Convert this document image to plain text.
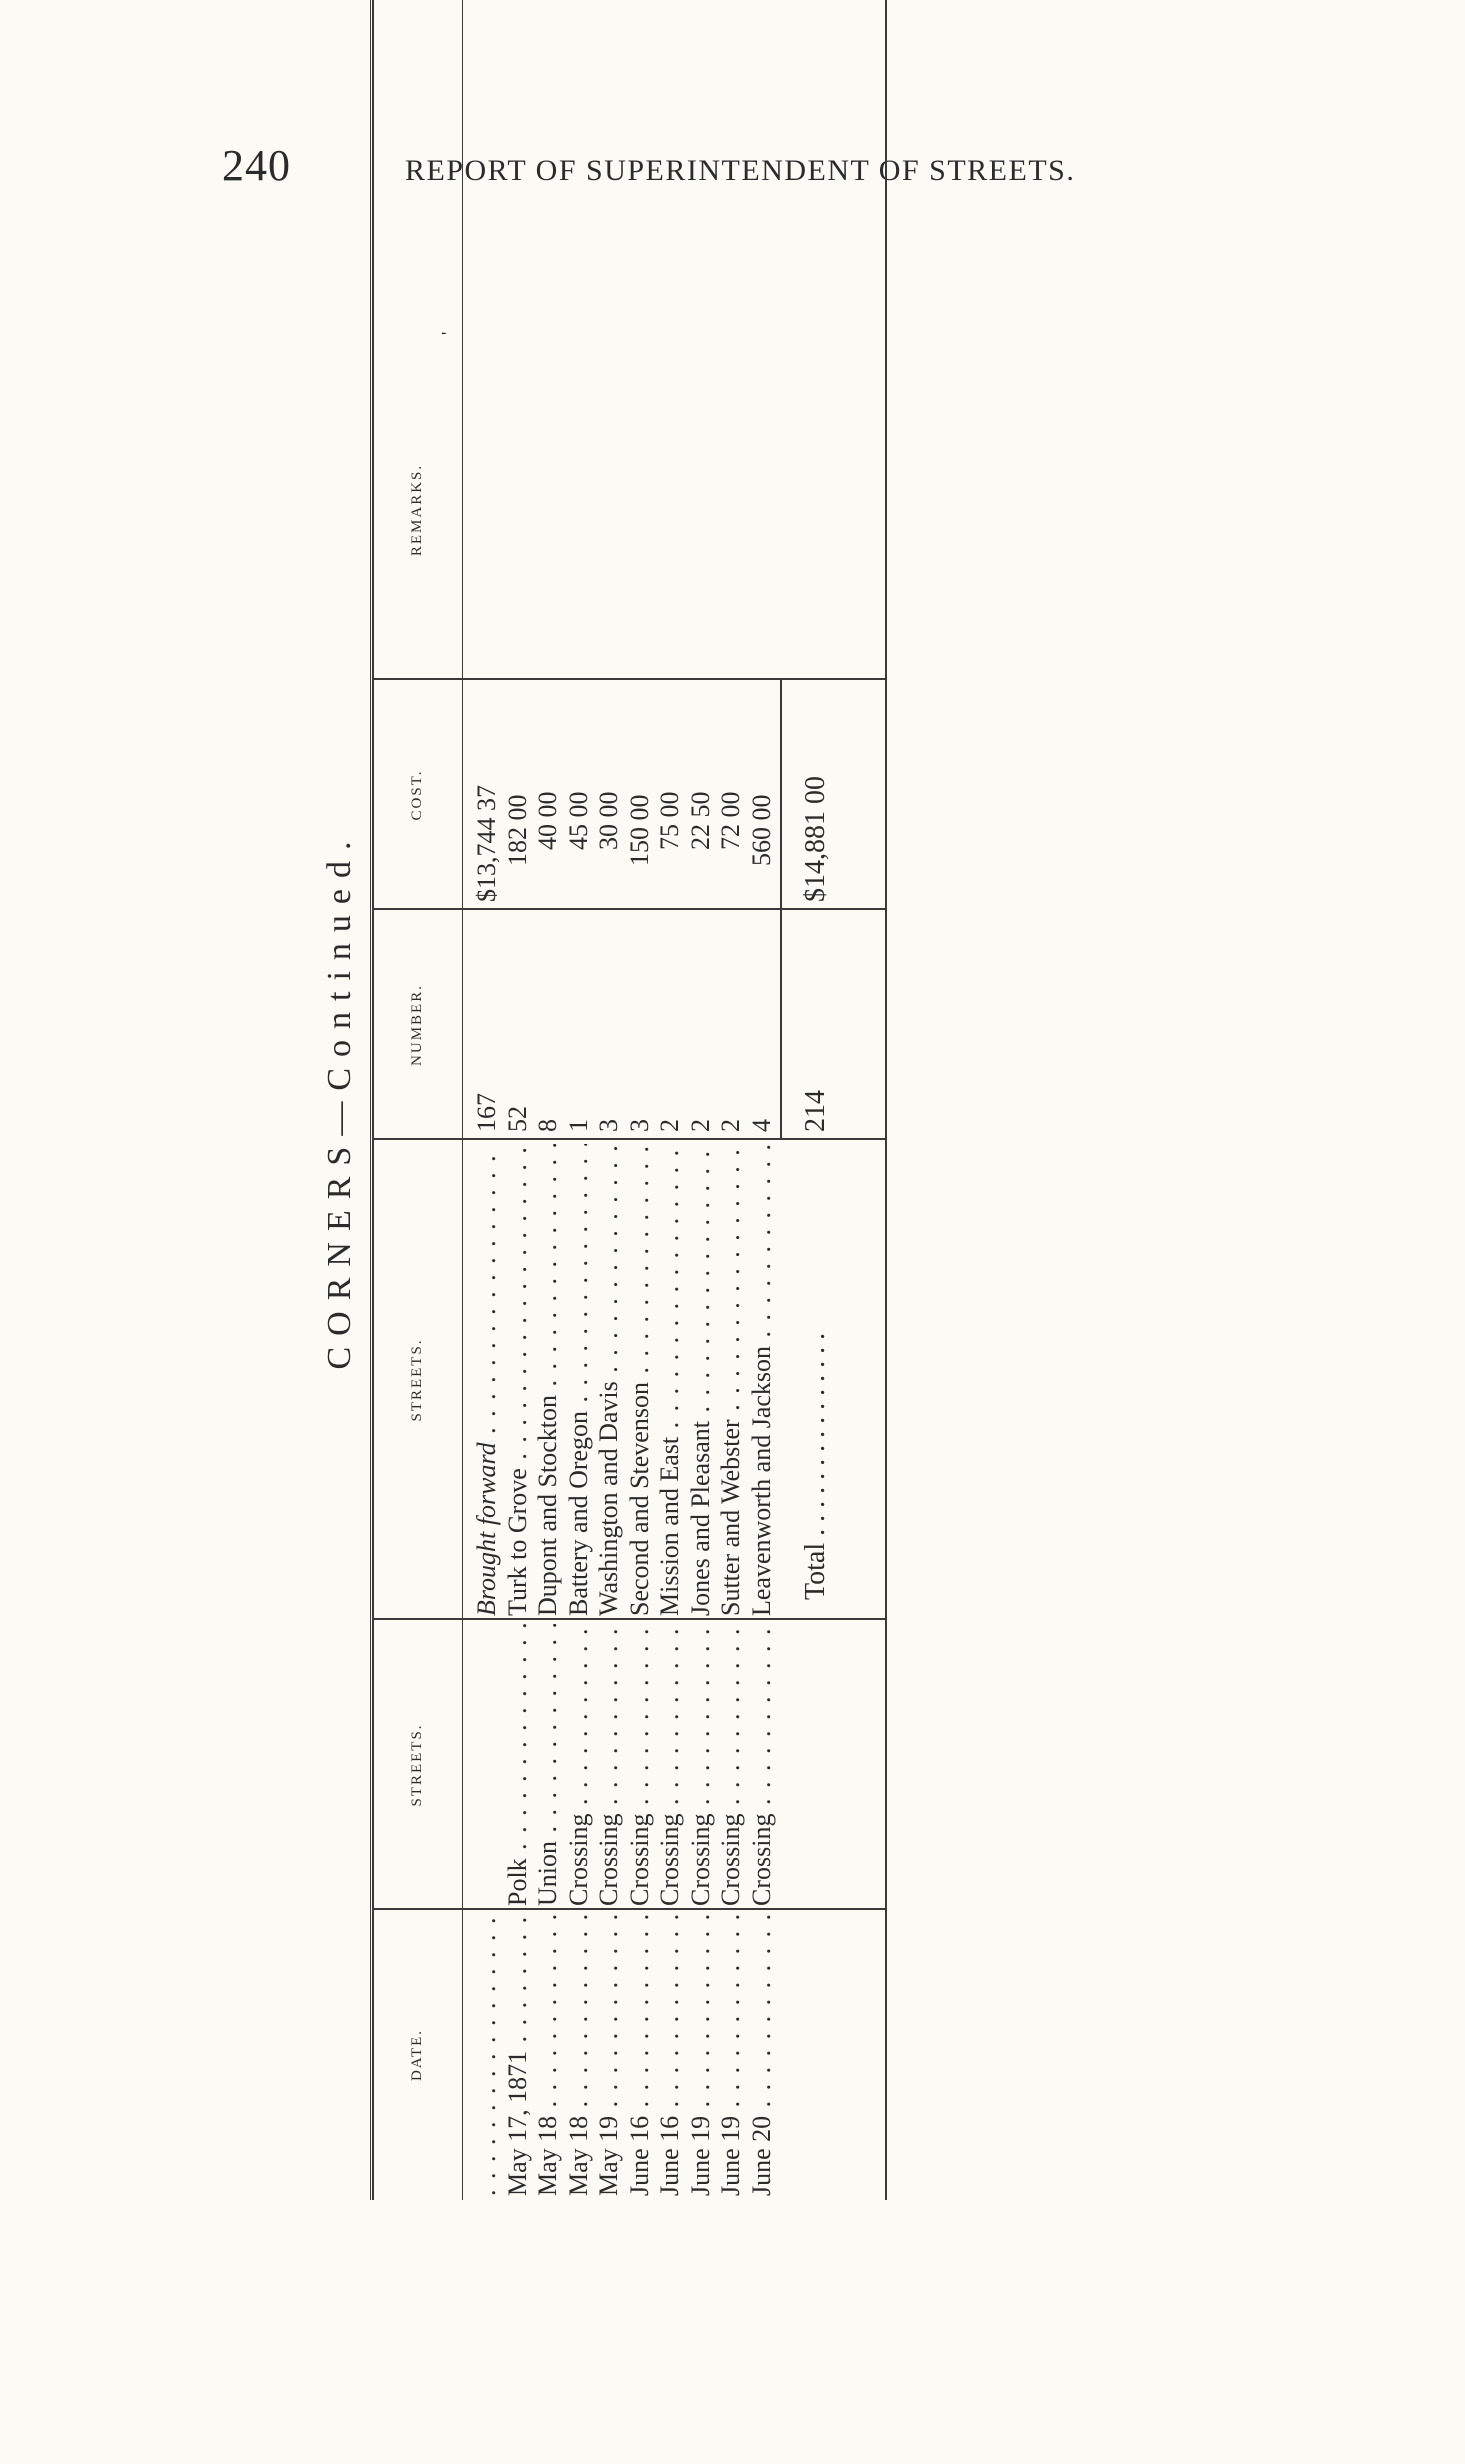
240	REPORT OF SUPERINTENDENT OF STREETS.
CORNERS—Continued.
DATE.
STREETS.
STREETS.
NUMBER.
COST.
REMARKS.
. . .
May 17, 1871 . . . May 18 . . . May 18 . . . May 19 . . . June 16 . . . June 16 . . . June 19 . . . June 19 . . . June 20 . . .
Polk . . . Union . . . Crossing . . . Crossing . . . Crossing . . . Crossing . . . Crossing . . . Crossing . . . Crossing . . .
Brought forward . . . Turk to Grove . . . Dupont and Stockton . . . Battery and Oregon . . . Washington and Davis . . . Second and Stevenson . . . Mission and East . . . Jones and Pleasant . . . Sutter and Webster . . . Leavenworth and Jackson . . .
167 52 8 1 3 3 2 2 2 4
$13,744 37 182 00 40 00 45 00 30 00 150 00 75 00 22 50 72 00 560 00
Total . . . . . . . . . . . . . . .
214
$14,881 00
'
